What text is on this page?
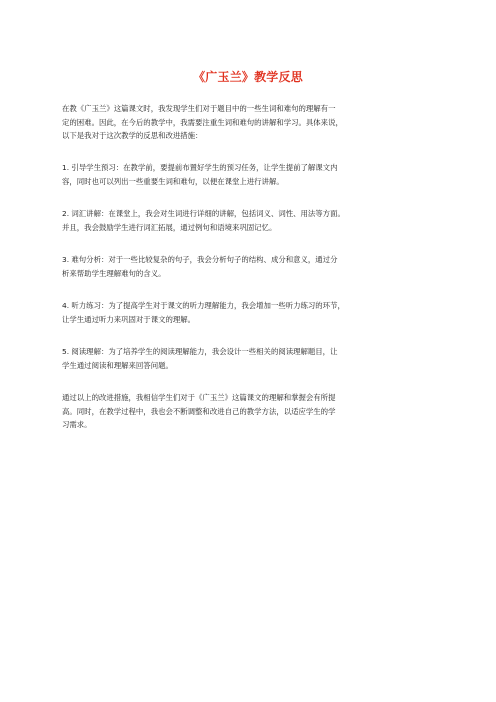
《广玉兰》教学反思

在教《广玉兰》这篇课文时，我发现学生们对于题目中的一些生词和难句的理解有一
定的困难。因此，在今后的教学中，我需要注重生词和难句的讲解和学习。具体来说，
以下是我对于这次教学的反思和改进措施：

1. 引导学生预习：在教学前，要提前布置好学生的预习任务，让学生提前了解课文内
容，同时也可以列出一些重要生词和难句，以便在课堂上进行讲解。

2. 词汇讲解：在课堂上，我会对生词进行详细的讲解，包括词义、词性、用法等方面。
并且，我会鼓励学生进行词汇拓展，通过例句和语境来巩固记忆。

3. 难句分析：对于一些比较复杂的句子，我会分析句子的结构、成分和意义，通过分
析来帮助学生理解难句的含义。

4. 听力练习：为了提高学生对于课文的听力理解能力，我会增加一些听力练习的环节，
让学生通过听力来巩固对于课文的理解。

5. 阅读理解：为了培养学生的阅读理解能力，我会设计一些相关的阅读理解题目，让
学生通过阅读和理解来回答问题。

通过以上的改进措施，我相信学生们对于《广玉兰》这篇课文的理解和掌握会有所提
高。同时，在教学过程中，我也会不断调整和改进自己的教学方法，以适应学生的学
习需求。
